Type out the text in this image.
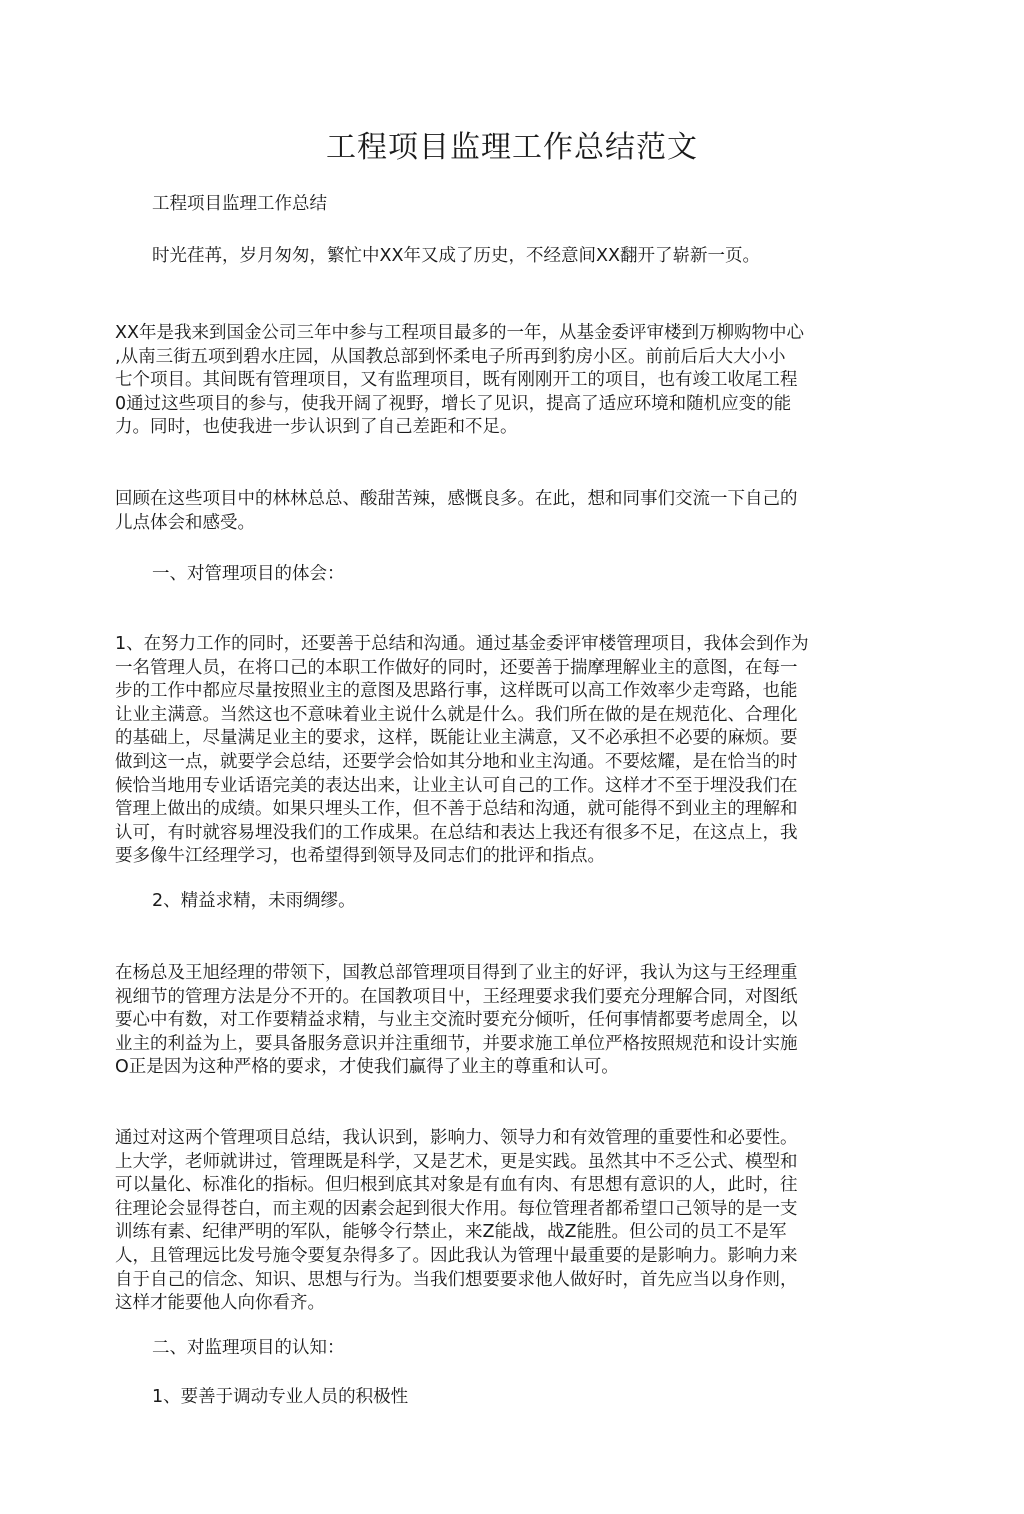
工程项目监理工作总结范文

工程项目监理工作总结

时光荏苒，岁月匆匆，繁忙中XX年又成了历史，不经意间XX翻开了崭新一页。

XX年是我来到国金公司三年中参与工程项目最多的一年，从基金委评审楼到万柳购物中心
,从南三街五项到碧水庄园，从国教总部到怀柔电子所再到豹房小区。前前后后大大小小
七个项目。其间既有管理项目，又有监理项目，既有刚刚开工的项目，也有竣工收尾工程
0通过这些项目的参与，使我开阔了视野，增长了见识，提高了适应环境和随机应变的能
力。同时，也使我进一步认识到了自己差距和不足。

回顾在这些项目中的林林总总、酸甜苦辣，感慨良多。在此，想和同事们交流一下自己的
儿点体会和感受。

一、对管理项目的体会：

1、在努力工作的同时，还要善于总结和沟通。通过基金委评审楼管理项目，我体会到作为
一名管理人员，在将口己的本职工作做好的同时，还要善于揣摩理解业主的意图，在每一
步的工作中都应尽量按照业主的意图及思路行事，这样既可以高工作效率少走弯路，也能
让业主满意。当然这也不意味着业主说什么就是什么。我们所在做的是在规范化、合理化
的基础上，尽量满足业主的要求，这样，既能让业主满意，又不必承担不必要的麻烦。要
做到这一点，就要学会总结，还要学会恰如其分地和业主沟通。不要炫耀，是在恰当的时
候恰当地用专业话语完美的表达出来，让业主认可自己的工作。这样才不至于埋没我们在
管理上做出的成绩。如果只埋头工作，但不善于总结和沟通，就可能得不到业主的理解和
认可，有时就容易埋没我们的工作成果。在总结和表达上我还有很多不足，在这点上，我
要多像牛江经理学习，也希望得到领导及同志们的批评和指点。

2、精益求精，未雨绸缪。

在杨总及王旭经理的带领下，国教总部管理项目得到了业主的好评，我认为这与王经理重
视细节的管理方法是分不开的。在国教项目屮，王经理要求我们要充分理解合同，对图纸
要心中有数，对工作要精益求精，与业主交流时要充分倾听，任何事情都要考虑周全，以
业主的利益为上，要具备服务意识并注重细节，并要求施工单位严格按照规范和设计实施
O正是因为这种严格的要求，才使我们赢得了业主的尊重和认可。

通过对这两个管理项目总结，我认识到，影响力、领导力和有效管理的重要性和必要性。
上大学，老师就讲过，管理既是科学，又是艺术，更是实践。虽然其中不乏公式、模型和
可以量化、标准化的指标。但归根到底其对象是有血有肉、有思想有意识的人，此时，往
往理论会显得苍白，而主观的因素会起到很大作用。每位管理者都希望口己领导的是一支
训练有素、纪律严明的军队，能够令行禁止，来Z能战，战Z能胜。但公司的员工不是军
人，且管理远比发号施令要复杂得多了。因此我认为管理屮最重要的是影响力。影响力来
自于自己的信念、知识、思想与行为。当我们想要要求他人做好时，首先应当以身作则，
这样才能要他人向你看齐。

二、对监理项目的认知：

1、要善于调动专业人员的积极性
